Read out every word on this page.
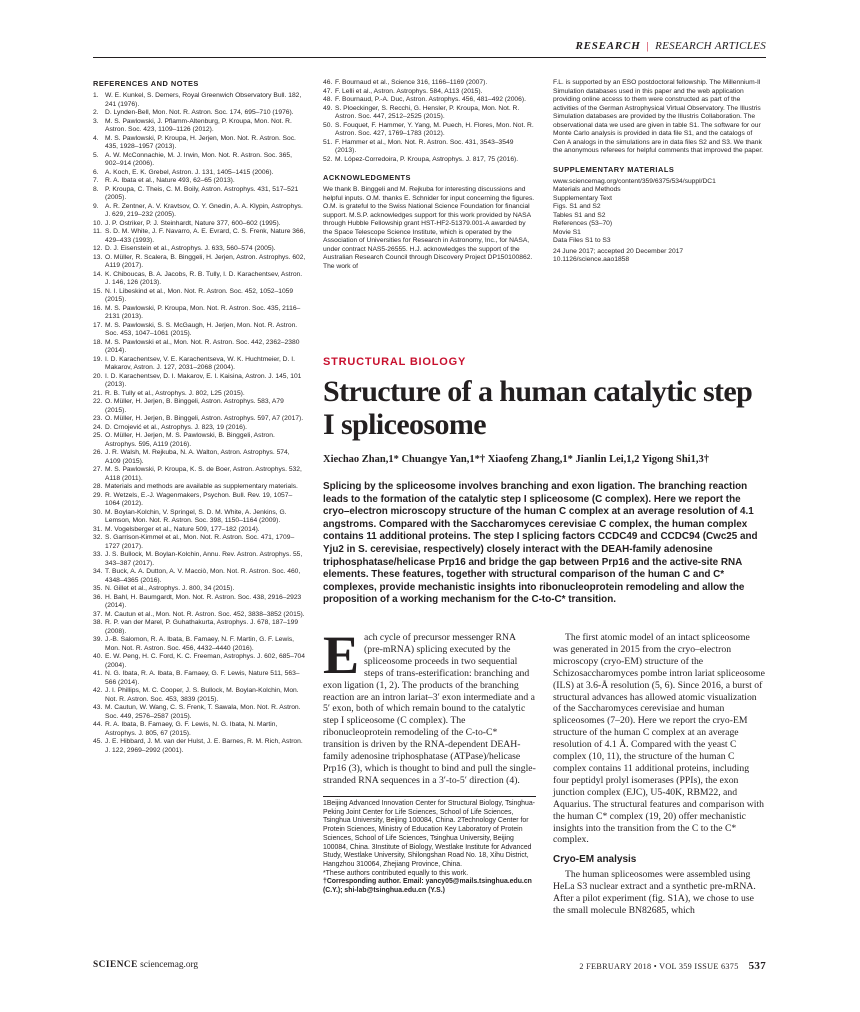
RESEARCH | RESEARCH ARTICLES
REFERENCES AND NOTES
1. W. E. Kunkel, S. Demers, Royal Greenwich Observatory Bull. 182, 241 (1976).
2. D. Lynden-Bell, Mon. Not. R. Astron. Soc. 174, 695–710 (1976).
3. M. S. Pawlowski, J. Pflamm-Altenburg, P. Kroupa, Mon. Not. R. Astron. Soc. 423, 1109–1126 (2012).
4. M. S. Pawlowski, P. Kroupa, H. Jerjen, Mon. Not. R. Astron. Soc. 435, 1928–1957 (2013).
5. A. W. McConnachie, M. J. Irwin, Mon. Not. R. Astron. Soc. 365, 902–914 (2006).
6. A. Koch, E. K. Grebel, Astron. J. 131, 1405–1415 (2006).
7. R. A. Ibata et al., Nature 493, 62–65 (2013).
8. P. Kroupa, C. Theis, C. M. Boily, Astron. Astrophys. 431, 517–521 (2005).
9. A. R. Zentner, A. V. Kravtsov, O. Y. Gnedin, A. A. Klypin, Astrophys. J. 629, 219–232 (2005).
10. J. P. Ostriker, P. J. Steinhardt, Nature 377, 600–602 (1995).
11. S. D. M. White, J. F. Navarro, A. E. Evrard, C. S. Frenk, Nature 366, 429–433 (1993).
12. D. J. Eisenstein et al., Astrophys. J. 633, 560–574 (2005).
13. O. Müller, R. Scalera, B. Binggeli, H. Jerjen, Astron. Astrophys. 602, A119 (2017).
14. K. Chiboucas, B. A. Jacobs, R. B. Tully, I. D. Karachentsev, Astron. J. 146, 126 (2013).
15. N. I. Libeskind et al., Mon. Not. R. Astron. Soc. 452, 1052–1059 (2015).
16. M. S. Pawlowski, P. Kroupa, Mon. Not. R. Astron. Soc. 435, 2116–2131 (2013).
17. M. S. Pawlowski, S. S. McGaugh, H. Jerjen, Mon. Not. R. Astron. Soc. 453, 1047–1061 (2015).
18. M. S. Pawlowski et al., Mon. Not. R. Astron. Soc. 442, 2362–2380 (2014).
19. I. D. Karachentsev, V. E. Karachentseva, W. K. Huchtmeier, D. I. Makarov, Astron. J. 127, 2031–2068 (2004).
20. I. D. Karachentsev, D. I. Makarov, E. I. Kaisina, Astron. J. 145, 101 (2013).
21. R. B. Tully et al., Astrophys. J. 802, L25 (2015).
22. O. Müller, H. Jerjen, B. Binggeli, Astron. Astrophys. 583, A79 (2015).
23. O. Müller, H. Jerjen, B. Binggeli, Astron. Astrophys. 597, A7 (2017).
24. D. Crnojević et al., Astrophys. J. 823, 19 (2016).
25. O. Müller, H. Jerjen, M. S. Pawlowski, B. Binggeli, Astron. Astrophys. 595, A119 (2016).
26. J. R. Walsh, M. Rejkuba, N. A. Walton, Astron. Astrophys. 574, A109 (2015).
27. M. S. Pawlowski, P. Kroupa, K. S. de Boer, Astron. Astrophys. 532, A118 (2011).
28. Materials and methods are available as supplementary materials.
29. R. Wetzels, E.-J. Wagenmakers, Psychon. Bull. Rev. 19, 1057–1064 (2012).
30. M. Boylan-Kolchin, V. Springel, S. D. M. White, A. Jenkins, G. Lemson, Mon. Not. R. Astron. Soc. 398, 1150–1164 (2009).
31. M. Vogelsberger et al., Nature 509, 177–182 (2014).
32. S. Garrison-Kimmel et al., Mon. Not. R. Astron. Soc. 471, 1709–1727 (2017).
33. J. S. Bullock, M. Boylan-Kolchin, Annu. Rev. Astron. Astrophys. 55, 343–387 (2017).
34. T. Buck, A. A. Dutton, A. V. Macciò, Mon. Not. R. Astron. Soc. 460, 4348–4365 (2016).
35. N. Gillet et al., Astrophys. J. 800, 34 (2015).
36. H. Bahl, H. Baumgardt, Mon. Not. R. Astron. Soc. 438, 2916–2923 (2014).
37. M. Cautun et al., Mon. Not. R. Astron. Soc. 452, 3838–3852 (2015).
38. R. P. van der Marel, P. Guhathakurta, Astrophys. J. 678, 187–199 (2008).
39. J.-B. Salomon, R. A. Ibata, B. Famaey, N. F. Martin, G. F. Lewis, Mon. Not. R. Astron. Soc. 456, 4432–4440 (2016).
40. E. W. Peng, H. C. Ford, K. C. Freeman, Astrophys. J. 602, 685–704 (2004).
41. N. G. Ibata, R. A. Ibata, B. Famaey, G. F. Lewis, Nature 511, 563–566 (2014).
42. J. I. Phillips, M. C. Cooper, J. S. Bullock, M. Boylan-Kolchin, Mon. Not. R. Astron. Soc. 453, 3839 (2015).
43. M. Cautun, W. Wang, C. S. Frenk, T. Sawala, Mon. Not. R. Astron. Soc. 449, 2576–2587 (2015).
44. R. A. Ibata, B. Famaey, G. F. Lewis, N. G. Ibata, N. Martin, Astrophys. J. 805, 67 (2015).
45. J. E. Hibbard, J. M. van der Hulst, J. E. Barnes, R. M. Rich, Astron. J. 122, 2969–2992 (2001).
46. F. Bournaud et al., Science 316, 1166–1169 (2007).
47. F. Lelli et al., Astron. Astrophys. 584, A113 (2015).
48. F. Bournaud, P.-A. Duc, Astron. Astrophys. 456, 481–492 (2006).
49. S. Ploeckinger, S. Recchi, G. Hensler, P. Kroupa, Mon. Not. R. Astron. Soc. 447, 2512–2525 (2015).
50. S. Fouquet, F. Hammer, Y. Yang, M. Puech, H. Flores, Mon. Not. R. Astron. Soc. 427, 1769–1783 (2012).
51. F. Hammer et al., Mon. Not. R. Astron. Soc. 431, 3543–3549 (2013).
52. M. López-Corredoira, P. Kroupa, Astrophys. J. 817, 75 (2016).
ACKNOWLEDGMENTS

We thank B. Binggeli and M. Rejkuba for interesting discussions and helpful inputs. O.M. thanks E. Schnider for input concerning the figures. O.M. is grateful to the Swiss National Science Foundation for financial support. M.S.P. acknowledges support for this work provided by NASA through Hubble Fellowship grant HST-HF2-51379.001-A awarded by the Space Telescope Science Institute, which is operated by the Association of Universities for Research in Astronomy, Inc., for NASA, under contract NAS5-26555. H.J. acknowledges the support of the Australian Research Council through Discovery Project DP150100862. The work of

F.L. is supported by an ESO postdoctoral fellowship. The Millennium-II Simulation databases used in this paper and the web application providing online access to them were constructed as part of the activities of the German Astrophysical Virtual Observatory. The Illustris Simulation databases are provided by the Illustris Collaboration. The observational data we used are given in table S1. The software for our Monte Carlo analysis is provided in data file S1, and the catalogs of Cen A analogs in the simulations are in data files S2 and S3. We thank the anonymous referees for helpful comments that improved the paper.

SUPPLEMENTARY MATERIALS
www.sciencemag.org/content/359/6375/534/suppl/DC1
Materials and Methods
Supplementary Text
Figs. S1 and S2
Tables S1 and S2
References (53–70)
Movie S1
Data Files S1 to S3
24 June 2017; accepted 20 December 2017
10.1126/science.aao1858
STRUCTURAL BIOLOGY
Structure of a human catalytic step I spliceosome
Xiechao Zhan,1* Chuangye Yan,1*† Xiaofeng Zhang,1* Jianlin Lei,1,2 Yigong Shi1,3†

Splicing by the spliceosome involves branching and exon ligation. The branching reaction leads to the formation of the catalytic step I spliceosome (C complex). Here we report the cryo–electron microscopy structure of the human C complex at an average resolution of 4.1 angstroms. Compared with the Saccharomyces cerevisiae C complex, the human complex contains 11 additional proteins. The step I splicing factors CCDC49 and CCDC94 (Cwc25 and Yju2 in S. cerevisiae, respectively) closely interact with the DEAH-family adenosine triphosphatase/helicase Prp16 and bridge the gap between Prp16 and the active-site RNA elements. These features, together with structural comparison of the human C and C* complexes, provide mechanistic insights into ribonucleoprotein remodeling and allow the proposition of a working mechanism for the C-to-C* transition.

Each cycle of precursor messenger RNA (pre-mRNA) splicing executed by the spliceosome proceeds in two sequential steps of trans-esterification: branching and exon ligation (1, 2). The products of the branching reaction are an intron lariat–3′ exon intermediate and a 5′ exon, both of which remain bound to the catalytic step I spliceosome (C complex). The ribonucleoprotein remodeling of the C-to-C* transition is driven by the RNA-dependent DEAH-family adenosine triphosphatase (ATPase)/helicase Prp16 (3), which is thought to bind and pull the single-stranded RNA sequences in a 3′-to-5′ direction (4).

1Beijing Advanced Innovation Center for Structural Biology, Tsinghua-Peking Joint Center for Life Sciences, School of Life Sciences, Tsinghua University, Beijing 100084, China. 2Technology Center for Protein Sciences, Ministry of Education Key Laboratory of Protein Sciences, School of Life Sciences, Tsinghua University, Beijing 100084, China. 3Institute of Biology, Westlake Institute for Advanced Study, Westlake University, Shilongshan Road No. 18, Xihu District, Hangzhou 310064, Zhejiang Province, China.

*These authors contributed equally to this work.

†Corresponding author. Email: yancy05@mails.tsinghua.edu.cn (C.Y.); shi-lab@tsinghua.edu.cn (Y.S.)

The first atomic model of an intact spliceosome was generated in 2015 from the cryo–electron microscopy (cryo-EM) structure of the Schizosaccharomyces pombe intron lariat spliceosome (ILS) at 3.6-Å resolution (5, 6). Since 2016, a burst of structural advances has allowed atomic visualization of the Saccharomyces cerevisiae and human spliceosomes (7–20). Here we report the cryo-EM structure of the human C complex at an average resolution of 4.1 Å. Compared with the yeast C complex (10, 11), the structure of the human C complex contains 11 additional proteins, including four peptidyl prolyl isomerases (PPIs), the exon junction complex (EJC), U5-40K, RBM22, and Aquarius. The structural features and comparison with the human C* complex (19, 20) offer mechanistic insights into the transition from the C to the C* complex.

Cryo-EM analysis

The human spliceosomes were assembled using HeLa S3 nuclear extract and a synthetic pre-mRNA. After a pilot experiment (fig. S1A), we chose to use the small molecule BN82685, which

SCIENCE sciencemag.org	2 FEBRUARY 2018 • VOL 359 ISSUE 6375 537
